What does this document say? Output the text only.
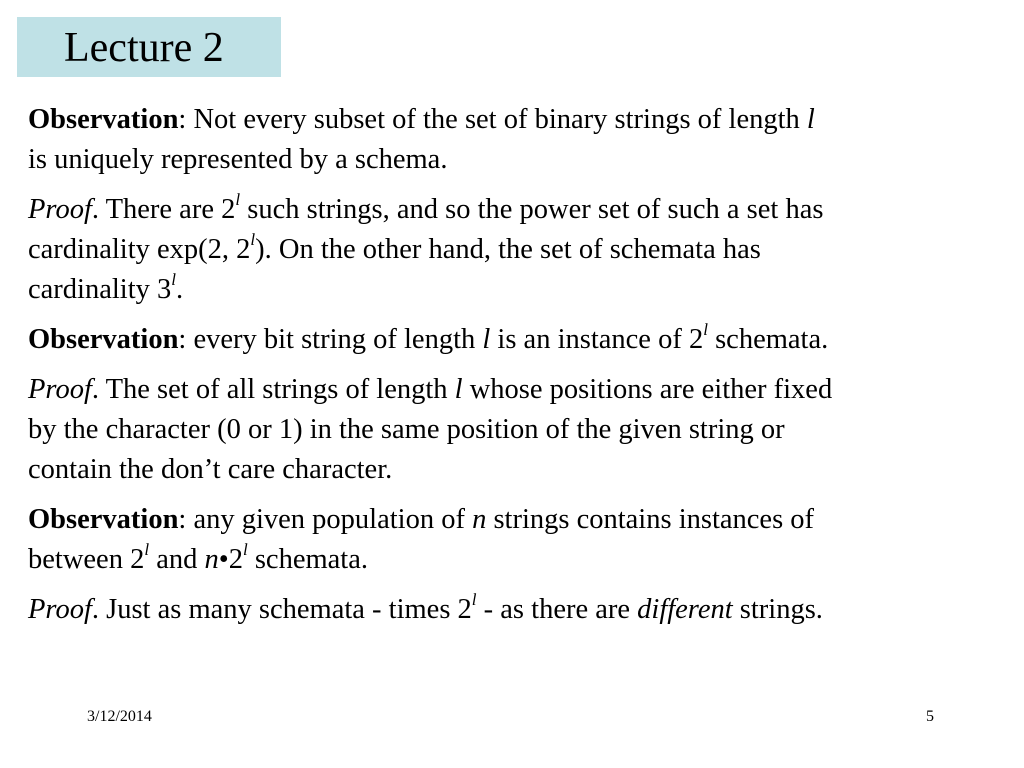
Lecture 2

Observation: Not every subset of the set of binary strings of length l
is uniquely represented by a schema.

Proof. There are 2$^l$ such strings, and so the power set of such a set has
cardinality exp(2, 2$^l$). On the other hand, the set of schemata has
cardinality 3$^l$.

Observation: every bit string of length l is an instance of 2$^l$ schemata.

Proof. The set of all strings of length l whose positions are either fixed
by the character (0 or 1) in the same position of the given string or
contain the don’t care character.

Observation: any given population of n strings contains instances of
between 2$^l$ and n•2$^l$ schemata.

Proof. Just as many schemata - times 2$^l$ - as there are different strings.

3/12/2014	5
